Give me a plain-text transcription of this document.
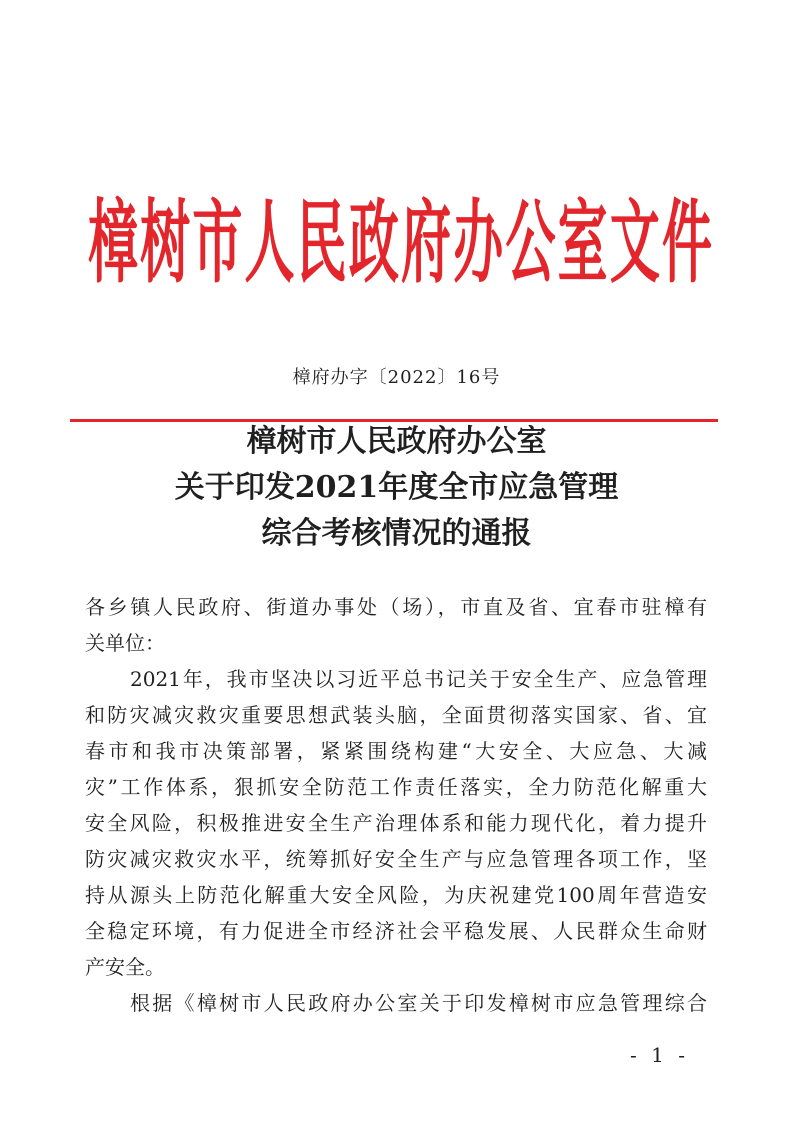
樟树市人民政府办公室文件
樟府办字〔2022〕16号
樟树市人民政府办公室
关于印发2021年度全市应急管理
综合考核情况的通报
各乡镇人民政府、街道办事处（场），市直及省、宜春市驻樟有
关单位：
2021年，我市坚决以习近平总书记关于安全生产、应急管理
和防灾减灾救灾重要思想武装头脑，全面贯彻落实国家、省、宜
春市和我市决策部署，紧紧围绕构建“大安全、大应急、大减
灾”工作体系，狠抓安全防范工作责任落实，全力防范化解重大
安全风险，积极推进安全生产治理体系和能力现代化，着力提升
防灾减灾救灾水平，统筹抓好安全生产与应急管理各项工作，坚
持从源头上防范化解重大安全风险，为庆祝建党100周年营造安
全稳定环境，有力促进全市经济社会平稳发展、人民群众生命财
产安全。
根据《樟树市人民政府办公室关于印发樟树市应急管理综合
- 1 -
